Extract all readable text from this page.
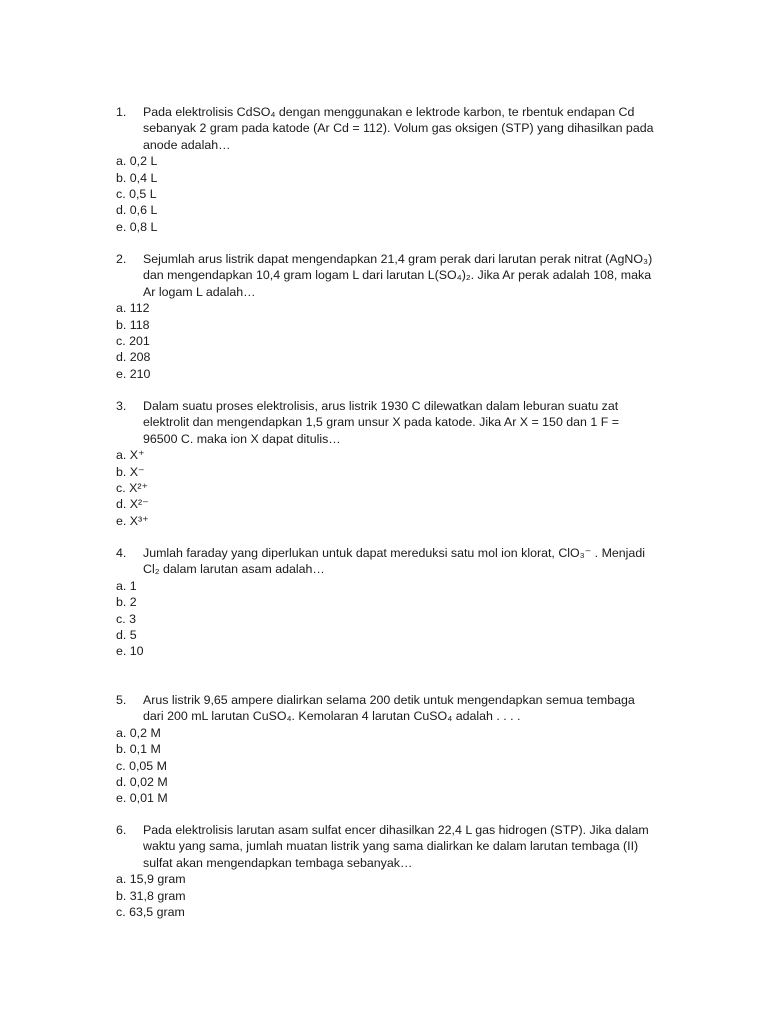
1.	Pada elektrolisis CdSO₄ dengan menggunakan e lektrode karbon, te rbentuk endapan Cd sebanyak 2 gram pada katode (Ar Cd = 112). Volum gas oksigen (STP) yang dihasilkan pada anode adalah…
a. 0,2 L
b. 0,4 L
c. 0,5 L
d. 0,6 L
e. 0,8 L
2.	Sejumlah arus listrik dapat mengendapkan 21,4 gram perak dari larutan perak nitrat (AgNO₃) dan mengendapkan 10,4 gram logam L dari larutan L(SO₄)₂. Jika Ar perak adalah 108, maka Ar logam L adalah…
a. 112
b. 118
c. 201
d. 208
e. 210
3.	Dalam suatu proses elektrolisis, arus listrik 1930 C dilewatkan dalam leburan suatu zat elektrolit dan mengendapkan 1,5 gram unsur X pada katode. Jika Ar X = 150 dan 1 F = 96500 C. maka ion X dapat ditulis…
a. X⁺
b. X⁻
c. X²⁺
d. X²⁻
e. X³⁺
4.	Jumlah faraday yang diperlukan untuk dapat mereduksi satu mol ion klorat, ClO₃⁻ . Menjadi Cl₂ dalam larutan asam adalah…
a. 1
b. 2
c. 3
d. 5
e. 10
5.	Arus listrik 9,65 ampere dialirkan selama 200 detik untuk mengendapkan semua tembaga dari 200 mL larutan CuSO₄. Kemolaran 4 larutan CuSO₄ adalah . . . .
a. 0,2 M
b. 0,1 M
c. 0,05 M
d. 0,02 M
e. 0,01 M
6.	Pada elektrolisis larutan asam sulfat encer dihasilkan 22,4 L gas hidrogen (STP). Jika dalam waktu yang sama, jumlah muatan listrik yang sama dialirkan ke dalam larutan tembaga (II) sulfat akan mengendapkan tembaga sebanyak…
a. 15,9 gram
b. 31,8 gram
c. 63,5 gram
